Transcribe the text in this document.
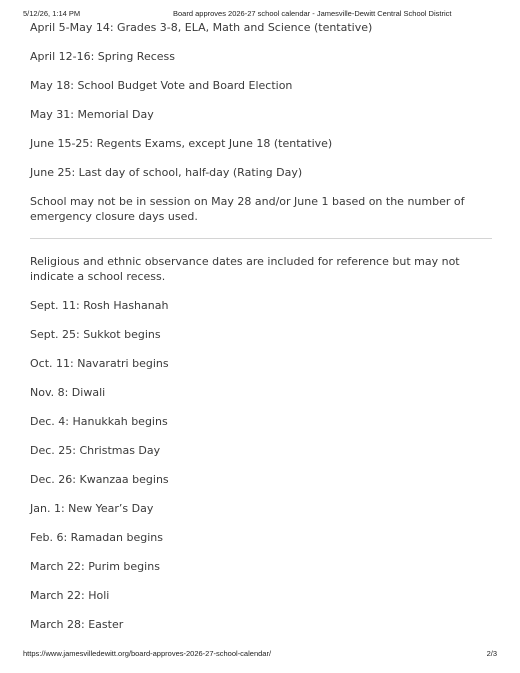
5/12/26, 1:14 PM	Board approves 2026-27 school calendar - Jamesville-Dewitt Central School District

April 5-May 14: Grades 3-8, ELA, Math and Science (tentative)

April 12-16: Spring Recess

May 18: School Budget Vote and Board Election

May 31: Memorial Day

June 15-25: Regents Exams, except June 18 (tentative)

June 25: Last day of school, half-day (Rating Day)

School may not be in session on May 28 and/or June 1 based on the number of emergency closure days used.

Religious and ethnic observance dates are included for reference but may not indicate a school recess.

Sept. 11: Rosh Hashanah

Sept. 25: Sukkot begins

Oct. 11: Navaratri begins

Nov. 8: Diwali

Dec. 4: Hanukkah begins

Dec. 25: Christmas Day

Dec. 26: Kwanzaa begins

Jan. 1: New Year’s Day

Feb. 6: Ramadan begins

March 22: Purim begins

March 22: Holi

March 28: Easter

https://www.jamesvilledewitt.org/board-approves-2026-27-school-calendar/	2/3
